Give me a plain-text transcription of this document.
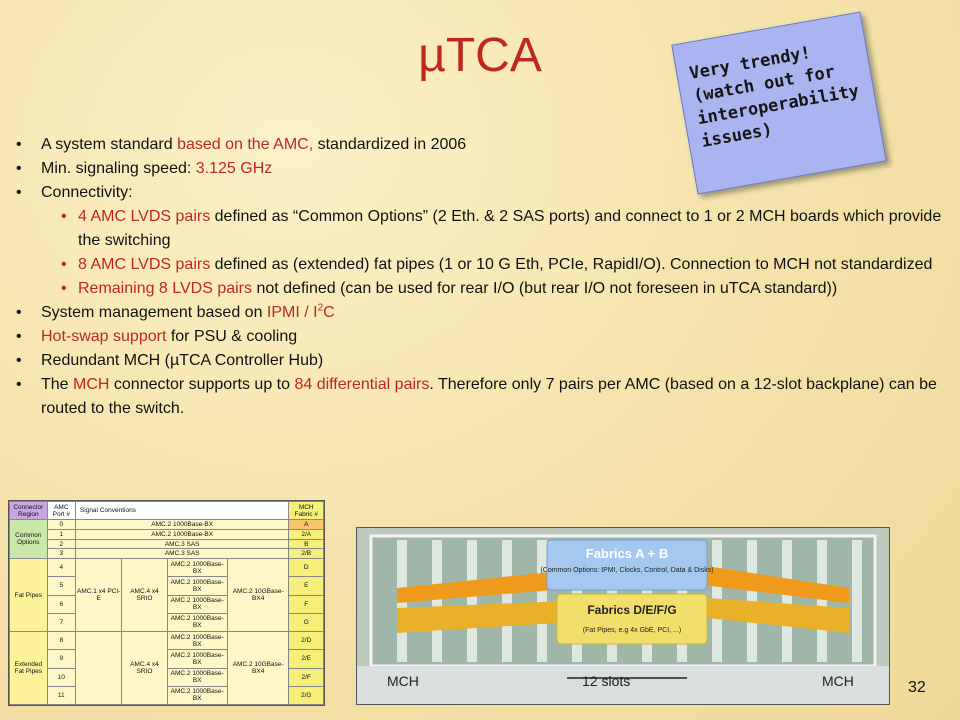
µTCA	Very trendy! (watch out for interoperability issues)
• A system standard based on the AMC, standardized in 2006
• Min. signaling speed: 3.125 GHz
• Connectivity:
• 4 AMC LVDS pairs defined as “Common Options” (2 Eth. & 2 SAS ports) and connect to 1 or 2 MCH boards which provide the switching
• 8 AMC LVDS pairs defined as (extended) fat pipes (1 or 10 G Eth, PCIe, RapidI/O). Connection to MCH not standardized
• Remaining 8 LVDS pairs not defined (can be used for rear I/O (but rear I/O not foreseen in uTCA standard))
• System management based on IPMI / $I^2C$
• Hot-swap support for PSU & cooling
• Redundant MCH (µTCA Controller Hub)
• The MCH connector supports up to 84 differential pairs. Therefore only 7 pairs per AMC (based on a 12-slot backplane) can be routed to the switch.
Connector Region	AMC Port #	Signal Conventions				MCH Fabric #
Common Options	0	AMC.2 1000Base-BX				A
	1	AMC.2 1000Base-BX				2/A
	2	AMC.3 SAS				B
	3	AMC.3 SAS				2/B
Fat Pipes	4	AMC.1 x4 PCI-E	AMC.4 x4 SRIO	AMC.2 1000Base-BX	AMC.2 10GBase-BX4	D
	5			AMC.2 1000Base-BX		E
	6			AMC.2 1000Base-BX		F
	7			AMC.2 1000Base-BX		G
Extended Fat Pipes	8		AMC.4 x4 SRIO	AMC.2 1000Base-BX	AMC.2 10GBase-BX4	2/D
	9			AMC.2 1000Base-BX		2/E
	10			AMC.2 1000Base-BX		2/F
	11			AMC.2 1000Base-BX		2/G
Fabrics A + B
(Common Options: IPMI, Clocks, Control, Data & Disks)
Fabrics D/E/F/G
(Fat Pipes, e.g 4x GbE, PCI, ...)
MCH	12 slots	MCH	32
